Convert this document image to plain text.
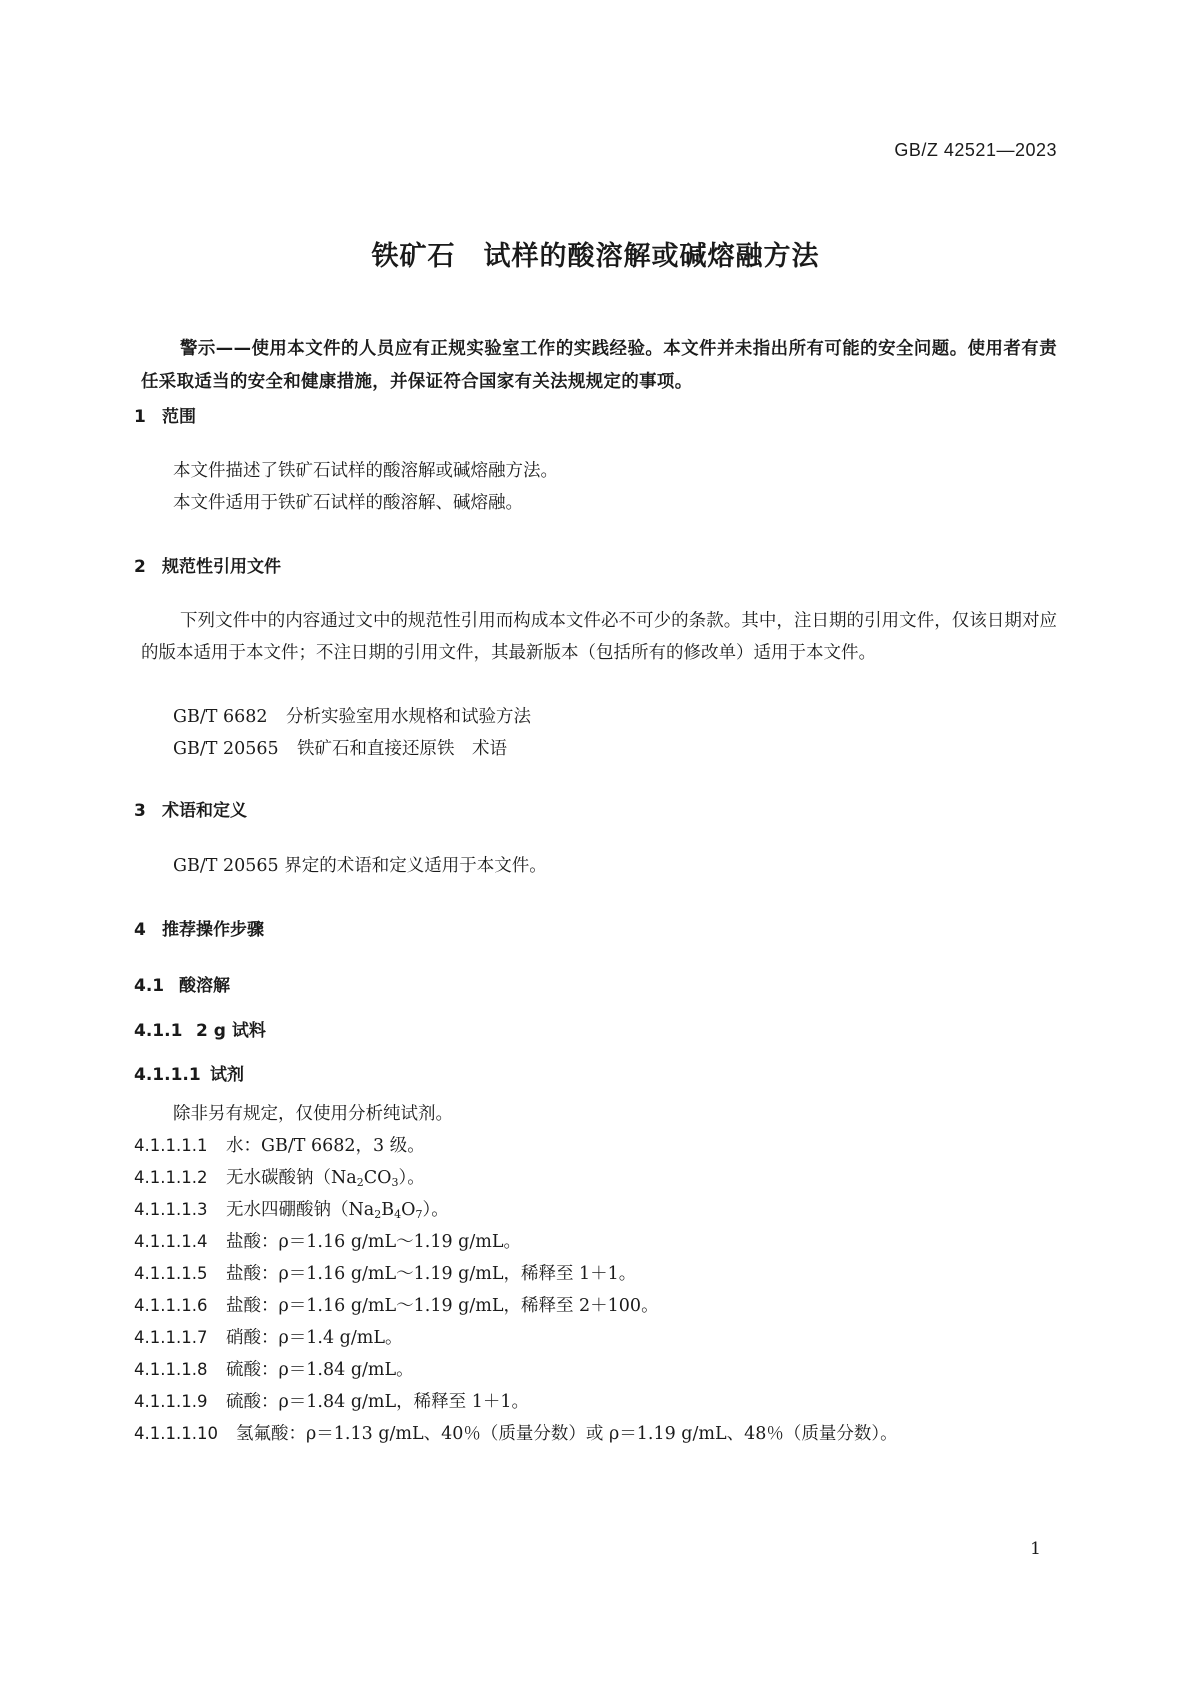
GB/Z 42521—2023
铁矿石　试样的酸溶解或碱熔融方法
警示——使用本文件的人员应有正规实验室工作的实践经验。本文件并未指出所有可能的安全问题。使用者有责任采取适当的安全和健康措施，并保证符合国家有关法规规定的事项。
1 范围
本文件描述了铁矿石试样的酸溶解或碱熔融方法。
本文件适用于铁矿石试样的酸溶解、碱熔融。
2 规范性引用文件
下列文件中的内容通过文中的规范性引用而构成本文件必不可少的条款。其中，注日期的引用文件，仅该日期对应的版本适用于本文件；不注日期的引用文件，其最新版本（包括所有的修改单）适用于本文件。
GB/T 6682 分析实验室用水规格和试验方法
GB/T 20565 铁矿石和直接还原铁　术语
3 术语和定义
GB/T 20565 界定的术语和定义适用于本文件。
4 推荐操作步骤
4.1 酸溶解
4.1.1 2 g 试料
4.1.1.1 试剂
除非另有规定，仅使用分析纯试剂。
4.1.1.1.1 水：GB/T 6682，3 级。
4.1.1.1.2 无水碳酸钠$(Na_2CO_3)$。
4.1.1.1.3 无水四硼酸钠$(Na_2B_4O_7)$。
4.1.1.1.4 盐酸：ρ＝1.16 g/mL～1.19 g/mL。
4.1.1.1.5 盐酸：ρ＝1.16 g/mL～1.19 g/mL，稀释至 1＋1。
4.1.1.1.6 盐酸：ρ＝1.16 g/mL～1.19 g/mL，稀释至 2＋100。
4.1.1.1.7 硝酸：ρ＝1.4 g/mL。
4.1.1.1.8 硫酸：ρ＝1.84 g/mL。
4.1.1.1.9 硫酸：ρ＝1.84 g/mL，稀释至 1＋1。
4.1.1.1.10 氢氟酸：ρ＝1.13 g/mL、40％（质量分数）或 ρ＝1.19 g/mL、48％（质量分数）。
1
